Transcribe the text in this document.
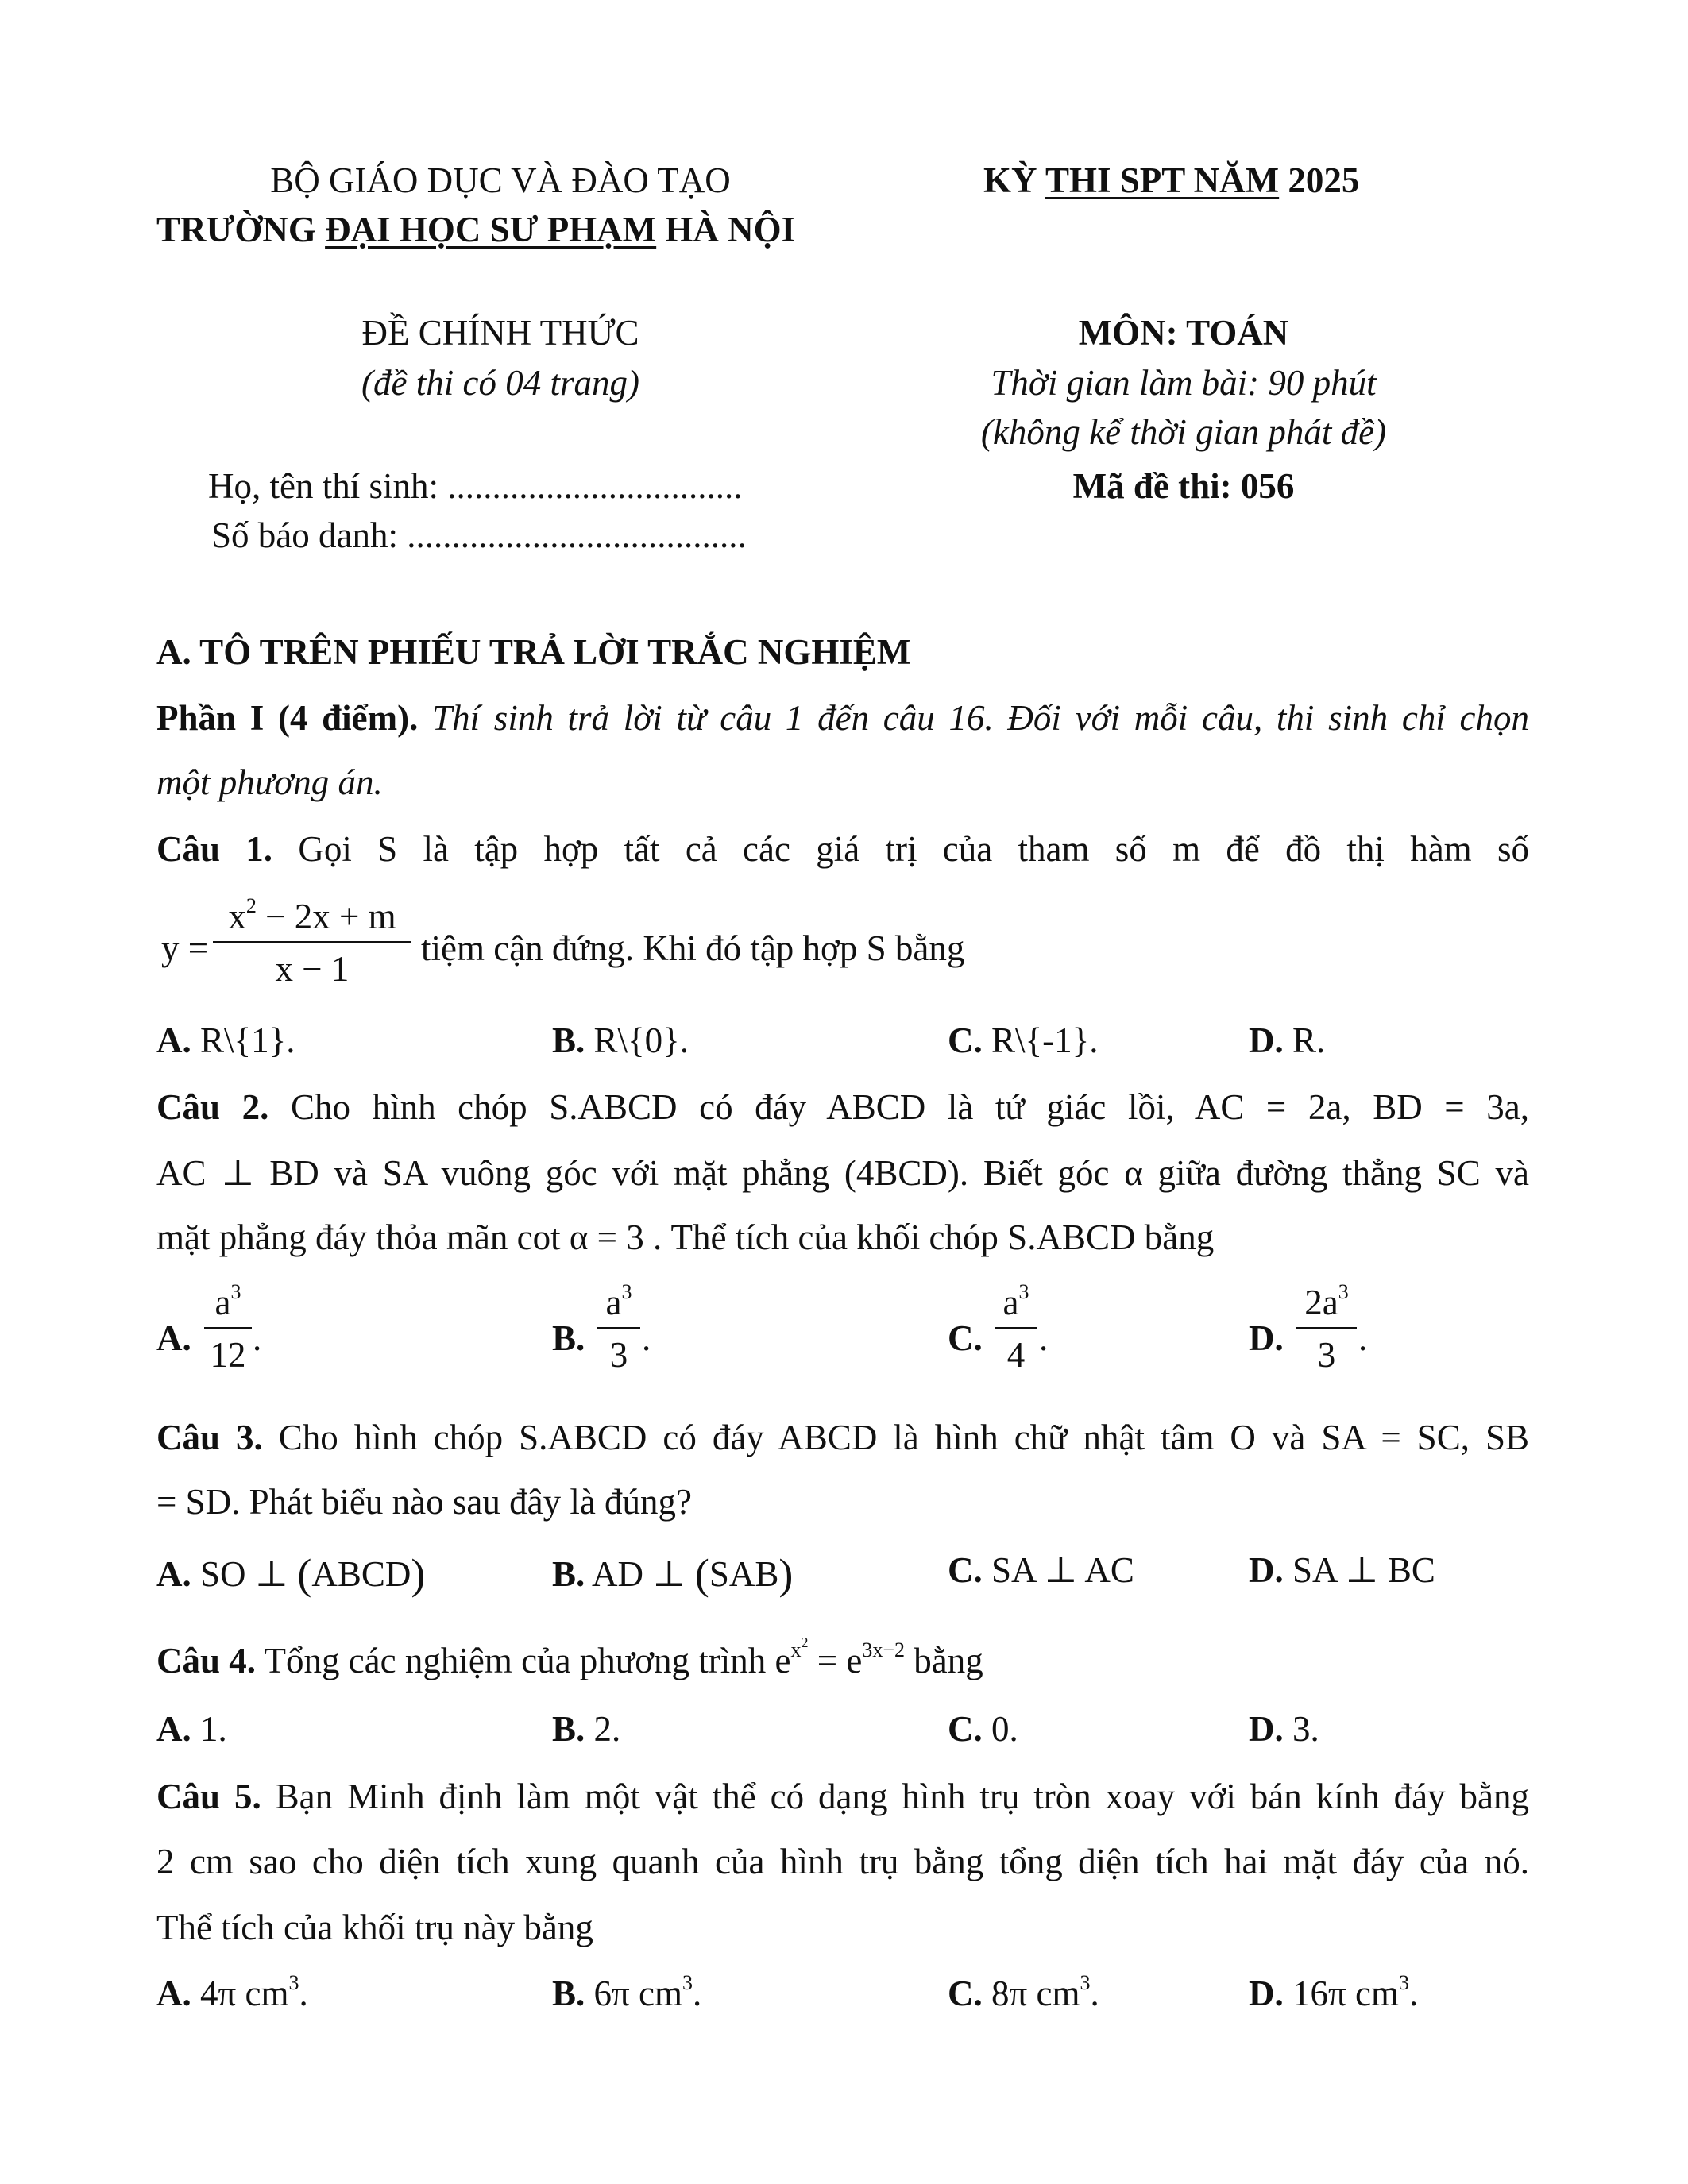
BỘ GIÁO DỤC VÀ ĐÀO TẠO
TRƯỜNG ĐẠI HỌC SƯ PHẠM HÀ NỘI
KỲ THI SPT NĂM 2025
ĐỀ CHÍNH THỨC
(đề thi có 04 trang)
MÔN: TOÁN
Thời gian làm bài: 90 phút
(không kể thời gian phát đề)
Họ, tên thí sinh: .................................
Số báo danh: ......................................
Mã đề thi: 056
A. TÔ TRÊN PHIẾU TRẢ LỜI TRẮC NGHIỆM
Phần I (4 điểm). Thí sinh trả lời từ câu 1 đến câu 16. Đối với mỗi câu, thi sinh chỉ chọn
một phương án.
Câu 1. Gọi S là tập hợp tất cả các giá trị của tham số m để đồ thị hàm số
y =
$x^2 - 2x + m$
x − 1
tiệm cận đứng. Khi đó tập hợp S bằng
A. R\{1}.	B. R\{0}.	C. R\{-1}.	D. R.
Câu 2. Cho hình chóp S.ABCD có đáy ABCD là tứ giác lồi, AC = 2a, BD = 3a,
AC ⊥ BD và SA vuông góc với mặt phẳng (4BCD). Biết góc α giữa đường thẳng SC và
mặt phẳng đáy thỏa mãn cot α = 3 . Thể tích của khối chóp S.ABCD bằng
A.
$a^3$
12 .	B.
$a^3$
3 .	C.
$a^3$
4 .	D.
$2a^3$
3 .
Câu 3. Cho hình chóp S.ABCD có đáy ABCD là hình chữ nhật tâm O và SA = SC, SB
= SD. Phát biểu nào sau đây là đúng?
A. SO ⊥ (ABCD)	B. AD ⊥ (SAB)	C. SA ⊥ AC	D. SA ⊥ BC
Câu 4. Tổng các nghiệm của phương trình $e^{x^2} = e^{3x-2}$ bằng
A. 1.	B. 2.	C. 0.	D. 3.
Câu 5. Bạn Minh định làm một vật thể có dạng hình trụ tròn xoay với bán kính đáy bằng
2 cm sao cho diện tích xung quanh của hình trụ bằng tổng diện tích hai mặt đáy của nó.
Thể tích của khối trụ này bằng
A. 4π $cm^3$.	B. 6π $cm^3$.	C. 8π $cm^3$.	D. 16π $cm^3$.
